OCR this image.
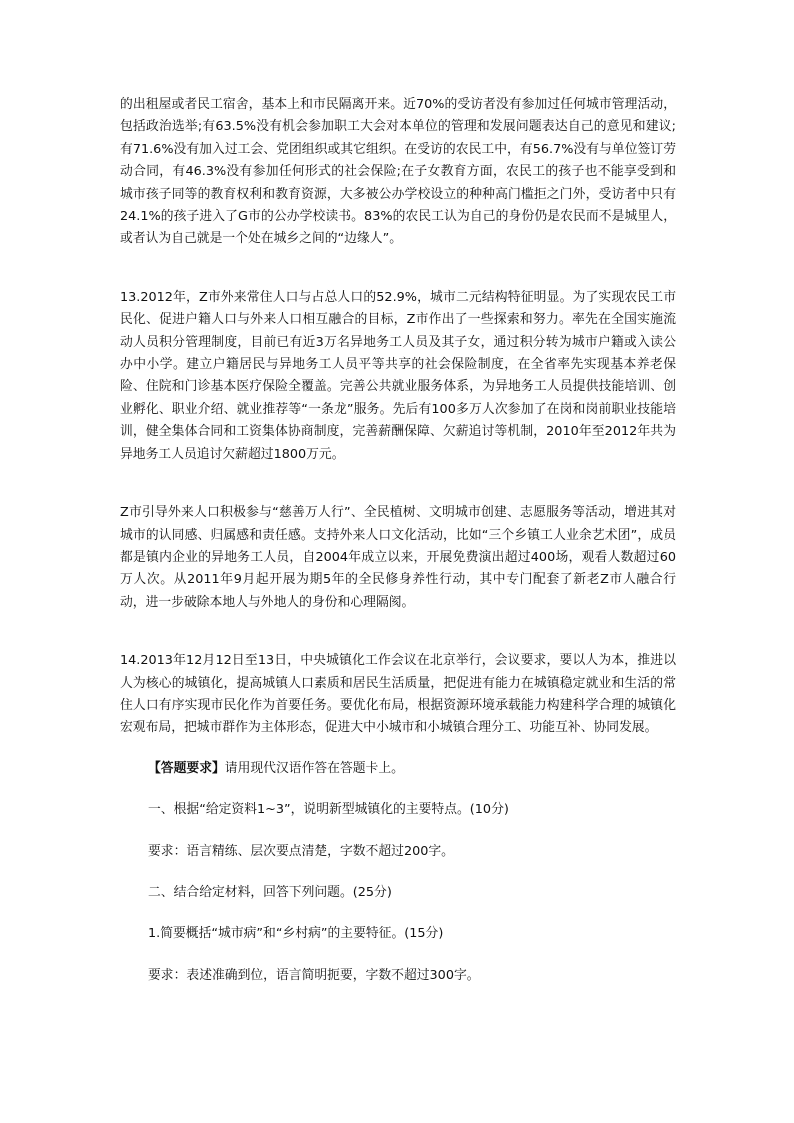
的出租屋或者民工宿舍，基本上和市民隔离开来。近70%的受访者没有参加过任何城市管理活动，包括政治选举;有63.5%没有机会参加职工大会对本单位的管理和发展问题表达自己的意见和建议;有71.6%没有加入过工会、党团组织或其它组织。在受访的农民工中，有56.7%没有与单位签订劳动合同，有46.3%没有参加任何形式的社会保险;在子女教育方面，农民工的孩子也不能享受到和城市孩子同等的教育权利和教育资源，大多被公办学校设立的种种高门槛拒之门外，受访者中只有24.1%的孩子进入了G市的公办学校读书。83%的农民工认为自己的身份仍是农民而不是城里人，或者认为自己就是一个处在城乡之间的“边缘人”。

13.2012年，Z市外来常住人口与占总人口的52.9%，城市二元结构特征明显。为了实现农民工市民化、促进户籍人口与外来人口相互融合的目标，Z市作出了一些探索和努力。率先在全国实施流动人员积分管理制度，目前已有近3万名异地务工人员及其子女，通过积分转为城市户籍或入读公办中小学。建立户籍居民与异地务工人员平等共享的社会保险制度，在全省率先实现基本养老保险、住院和门诊基本医疗保险全覆盖。完善公共就业服务体系，为异地务工人员提供技能培训、创业孵化、职业介绍、就业推荐等“一条龙”服务。先后有100多万人次参加了在岗和岗前职业技能培训，健全集体合同和工资集体协商制度，完善薪酬保障、欠薪追讨等机制，2010年至2012年共为异地务工人员追讨欠薪超过1800万元。

Z市引导外来人口积极参与“慈善万人行”、全民植树、文明城市创建、志愿服务等活动，增进其对城市的认同感、归属感和责任感。支持外来人口文化活动，比如“三个乡镇工人业余艺术团”，成员都是镇内企业的异地务工人员，自2004年成立以来，开展免费演出超过400场，观看人数超过60万人次。从2011年9月起开展为期5年的全民修身养性行动，其中专门配套了新老Z市人融合行动，进一步破除本地人与外地人的身份和心理隔阂。

14.2013年12月12日至13日，中央城镇化工作会议在北京举行，会议要求，要以人为本，推进以人为核心的城镇化，提高城镇人口素质和居民生活质量，把促进有能力在城镇稳定就业和生活的常住人口有序实现市民化作为首要任务。要优化布局，根据资源环境承载能力构建科学合理的城镇化宏观布局，把城市群作为主体形态，促进大中小城市和小城镇合理分工、功能互补、协同发展。

【答题要求】请用现代汉语作答在答题卡上。

一、根据“给定资料1~3”，说明新型城镇化的主要特点。(10分)

要求：语言精练、层次要点清楚，字数不超过200字。

二、结合给定材料，回答下列问题。(25分)

1.简要概括“城市病”和“乡村病”的主要特征。(15分)

要求：表述准确到位，语言简明扼要，字数不超过300字。
